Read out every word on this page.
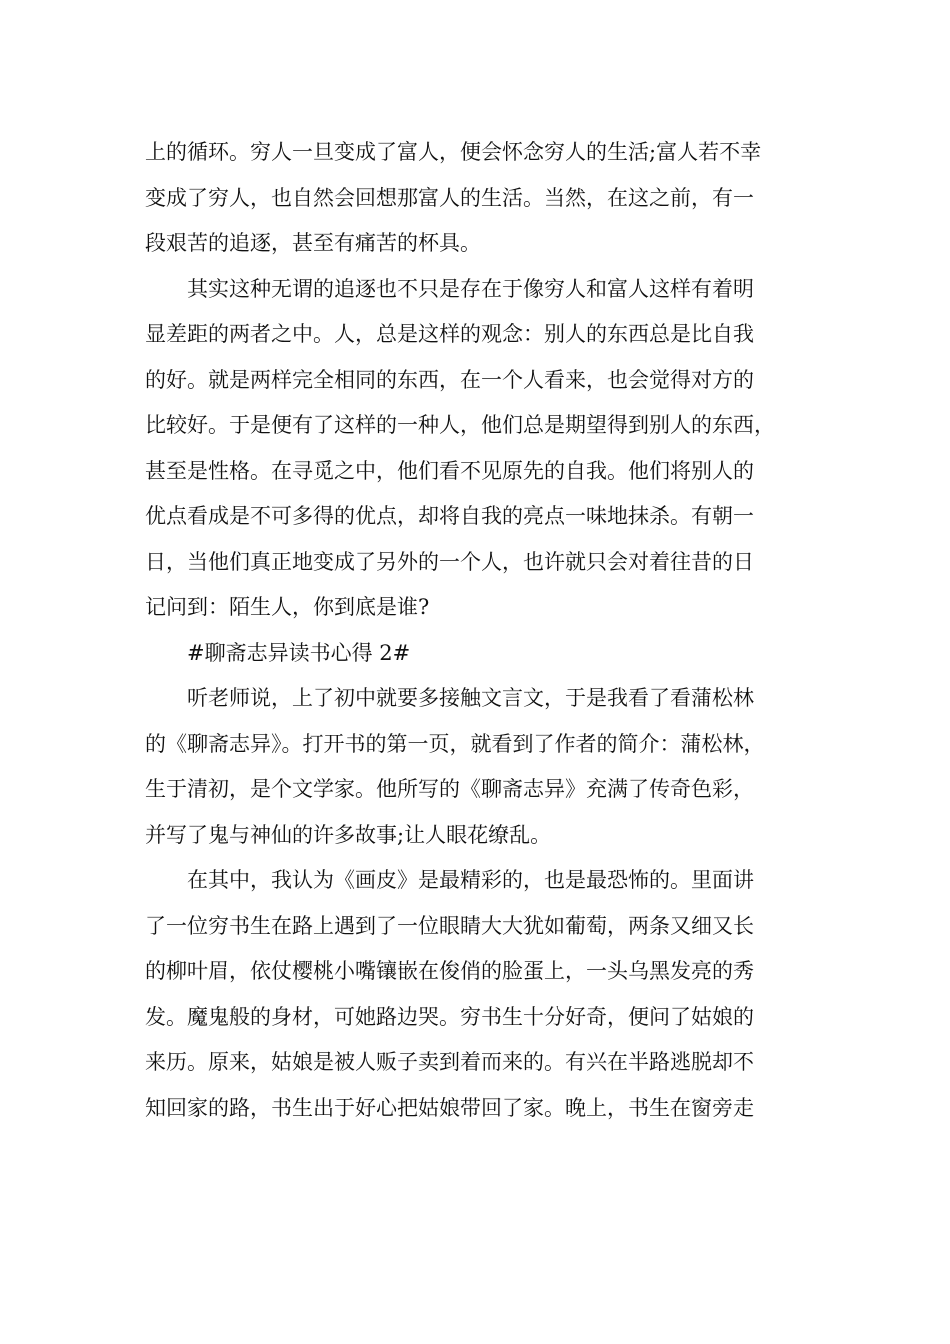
上的循环。穷人一旦变成了富人，便会怀念穷人的生活;富人若不幸
变成了穷人，也自然会回想那富人的生活。当然，在这之前，有一
段艰苦的追逐，甚至有痛苦的杯具。
其实这种无谓的追逐也不只是存在于像穷人和富人这样有着明
显差距的两者之中。人，总是这样的观念：别人的东西总是比自我
的好。就是两样完全相同的东西，在一个人看来，也会觉得对方的
比较好。于是便有了这样的一种人，他们总是期望得到别人的东西，
甚至是性格。在寻觅之中，他们看不见原先的自我。他们将别人的
优点看成是不可多得的优点，却将自我的亮点一味地抹杀。有朝一
日，当他们真正地变成了另外的一个人，也许就只会对着往昔的日
记问到：陌生人，你到底是谁?
#聊斋志异读书心得 2#
听老师说，上了初中就要多接触文言文，于是我看了看蒲松林
的《聊斋志异》。打开书的第一页，就看到了作者的简介：蒲松林，
生于清初，是个文学家。他所写的《聊斋志异》充满了传奇色彩，
并写了鬼与神仙的许多故事;让人眼花缭乱。
在其中，我认为《画皮》是最精彩的，也是最恐怖的。里面讲
了一位穷书生在路上遇到了一位眼睛大大犹如葡萄，两条又细又长
的柳叶眉，依仗樱桃小嘴镶嵌在俊俏的脸蛋上，一头乌黑发亮的秀
发。魔鬼般的身材，可她路边哭。穷书生十分好奇，便问了姑娘的
来历。原来，姑娘是被人贩子卖到着而来的。有兴在半路逃脱却不
知回家的路，书生出于好心把姑娘带回了家。晚上，书生在窗旁走
